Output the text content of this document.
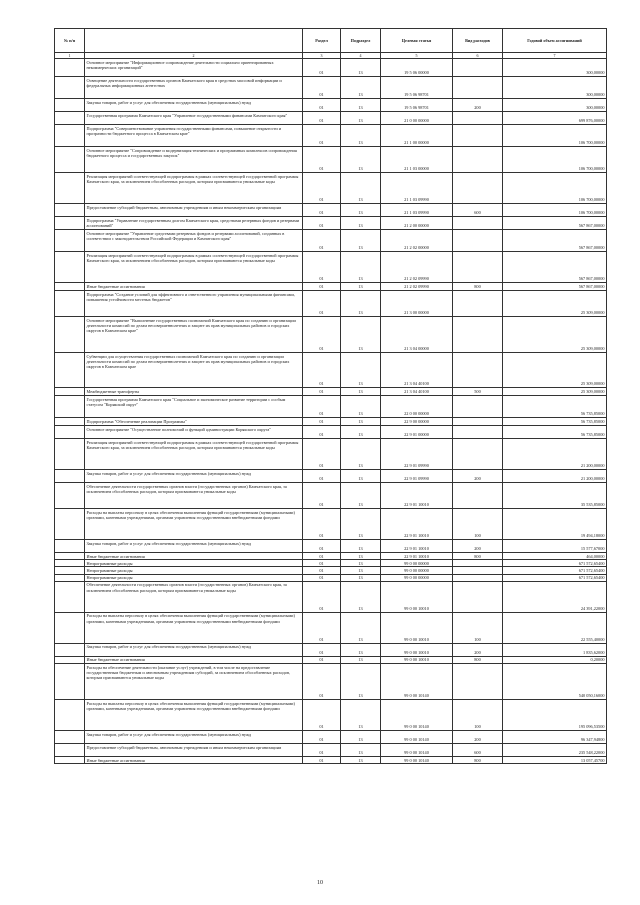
№ п/п		Раздел	Подраздел	Целевая статья	Вид расходов	Годовой объем ассигнований
1	2	3	4	5	6	7
	Основное мероприятие "Информационное сопровождение деятельности социально ориентированных некоммерческих организаций"	01	13	19 5 06 00000		300,00000
	Освещение деятельности государственных органов Камчатского края в средствах массовой информации и федеральных информационных агентствах	01	13	19 5 06 98701		300,00000
	Закупка товаров, работ и услуг для обеспечения государственных (муниципальных) нужд	01	13	19 5 06 98701	200	300,00000
	Государственная программа Камчатского края "Управление государственными финансами Камчатского края"	01	13	21 0 00 00000		699 876,00000
	Подпрограмма "Совершенствование управления государственными финансами, повышение открытости и прозрачности бюджетного процесса в Камчатском крае"	01	13	21 1 00 00000		106 700,00000
	Основное мероприятие "Сопровождение и модернизация технических и программных комплексов сопровождения бюджетного процесса и государственных закупок"	01	13	21 1 03 00000		106 700,00000
	Реализация мероприятий соответствующей подпрограммы в рамках соответствующей государственной программы Камчатского края, за исключением обособленных расходов, которым присваиваются уникальные коды	01	13	21 1 03 09990		106 700,00000
	Предоставление субсидий бюджетным, автономным учреждениям и иным некоммерческим организациям	01	13	21 1 03 09990	600	106 700,00000
	Подпрограмма "Управление государственным долгом Камчатского края, средствами резервных фондов и резервами ассигнований"	01	13	21 2 00 00000		567 867,00000
	Основное мероприятие "Управление средствами резервных фондов и резервами ассигнований, созданных в соответствии с законодательством Российской Федерации и Камчатского края"	01	13	21 2 02 00000		567 867,00000
	Реализация мероприятий соответствующей подпрограммы в рамках соответствующей государственной программы Камчатского края, за исключением обособленных расходов, которым присваиваются уникальные коды	01	13	21 2 02 09990		567 867,00000
	Иные бюджетные ассигнования	01	13	21 2 02 09990	800	567 867,00000
	Подпрограмма "Создание условий для эффективного и ответственного управления муниципальными финансами, повышения устойчивости местных бюджетов"	01	13	21 3 00 00000		25 309,00000
	Основное мероприятие "Выполнение государственных полномочий Камчатского края по созданию и организации деятельности комиссий по делам несовершеннолетних и защите их прав муниципальных районов и городских округов в Камчатском крае"	01	13	21 3 04 00000		25 309,00000
	Субвенции для осуществления государственных полномочий Камчатского края по созданию и организации деятельности комиссий по делам несовершеннолетних и защите их прав муниципальных районов и городских округов в Камчатском крае	01	13	21 3 04 40100		25 309,00000
	Межбюджетные трансферты	01	13	21 3 04 40100	500	25 309,00000
	Государственная программа Камчатского края "Социальное и экономическое развитие территории с особым статусом "Корякский округ"	01	13	22 0 00 00000		56 735,85000
	Подпрограмма "Обеспечение реализации Программы"	01	13	22 9 00 00000		56 735,85000
	Основное мероприятие "Осуществление полномочий и функций администрации Корякского округа"	01	13	22 9 01 00000		56 735,85000
	Реализация мероприятий соответствующей подпрограммы в рамках соответствующей государственной программы Камчатского края, за исключением обособленных расходов, которым присваиваются уникальные коды	01	13	22 9 01 09990		21 200,00000
	Закупка товаров, работ и услуг для обеспечения государственных (муниципальных) нужд	01	13	22 9 01 09990	200	21 200,00000
	Обеспечение деятельности государственных органов власти (государственных органов) Камчатского края, за исключением обособленных расходов, которым присваиваются уникальные коды	01	13	22 9 01 10010		35 535,85000
	Расходы на выплаты персоналу в целях обеспечения выполнения функций государственными (муниципальными) органами, казенными учреждениями, органами управления государственными внебюджетными фондами	01	13	22 9 01 10010	100	19 494,18000
	Закупка товаров, работ и услуг для обеспечения государственных (муниципальных) нужд	01	13	22 9 01 10010	200	15 577,67000
	Иные бюджетные ассигнования	01	13	22 9 01 10010	800	464,00000
	Непрограммные расходы	01	13	99 0 00 00000		671 572,65400
	Непрограммные расходы	01	13	99 0 00 00000		671 572,65400
	Непрограммные расходы	01	13	99 0 00 00000		671 572,65400
	Обеспечение деятельности государственных органов власти (государственных органов) Камчатского края, за исключением обособленных расходов, которым присваиваются уникальные коды	01	13	99 0 00 10010		24 391,22000
	Расходы на выплаты персоналу в целях обеспечения выполнения функций государственными (муниципальными) органами, казенными учреждениями, органами управления государственными внебюджетными фондами	01	13	99 0 00 10010	100	22 555,40000
	Закупка товаров, работ и услуг для обеспечения государственных (муниципальных) нужд	01	13	99 0 00 10010	200	1 835,62000
	Иные бюджетные ассигнования	01	13	99 0 00 10010	800	0,20000
	Расходы на обеспечение деятельности (оказание услуг) учреждений, в том числе на предоставление государственным бюджетным и автономным учреждениям субсидий, за исключением обособленных расходов, которым присваиваются уникальные коды	01	13	99 0 00 10140		540 050,16000
	Расходы на выплаты персоналу в целях обеспечения выполнения функций государственными (муниципальными) органами, казенными учреждениями, органами управления государственными внебюджетными фондами	01	13	99 0 00 10140	100	195 096,53500
	Закупка товаров, работ и услуг для обеспечения государственных (муниципальных) нужд	01	13	99 0 00 10140	200	96 347,94800
	Предоставление субсидий бюджетным, автономным учреждениям и иным некоммерческим организациям	01	13	99 0 00 10140	600	235 548,22000
	Иные бюджетные ассигнования	01	13	99 0 00 10140	800	13 057,45700
10
